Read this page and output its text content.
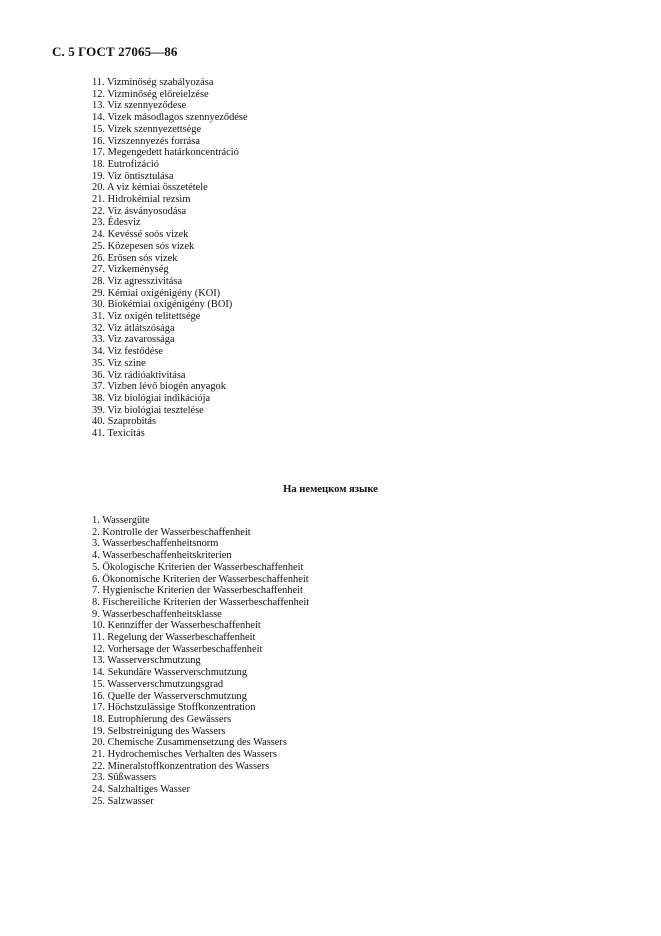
С. 5 ГОСТ 27065—86
11. Vizminőség szabályozása
12. Vizminőség előreielzése
13. Viz szennyeződese
14. Vizek másodlagos szennyeződése
15. Vizek szennyezettsége
16. Vizszennyezés forrása
17. Megengedett határkoncentráció
18. Eutrofizáció
19. Viz öntisztulása
20. A viz kémiai összetétele
21. Hidrokémial rezsim
22. Viz ásványosodása
23. Édesviz
24. Kevéssé soós vizek
25. Közepesen sós vizek
26. Erősen sós vizek
27. Vizkeménység
28. Viz agresszivitása
29. Kémiai oxigénigény (KOI)
30. Biokémiai oxigénigény (BOI)
31. Viz oxigén telitettsége
32. Viz átlátszósága
33. Viz zavarossága
34. Viz festődése
35. Viz szine
36. Viz rádióaktivitása
37. Vizben lévő biogén anyagok
38. Viz biológiai indikációja
39. Viz biológiai tesztelése
40. Szaprobitás
41. Texicitás
На немецком языке
1. Wassergüte
2. Kontrolle der Wasserbeschaffenheit
3. Wasserbeschaffenheitsnorm
4. Wasserbeschaffenheitskriterien
5. Ökologische Kriterien der Wasserbeschaffenheit
6. Ökonomische Kriterien der Wasserbeschaffenheit
7. Hygienische Kriterien der Wasserbeschaffenheit
8. Fischereiliche Kriterien der Wasserbeschaffenheit
9. Wasserbeschaffenheitsklasse
10. Kennziffer der Wasserbeschaffenheit
11. Regelung der Wasserbeschaffenheit
12. Vorhersage der Wasserbeschaffenheit
13. Wasserverschmutzung
14. Sekundäre Wasserverschmutzung
15. Wasserverschmutzungsgrad
16. Quelle der Wasserverschmutzung
17. Höchstzulässige Stoffkonzentration
18. Eutrophierung des Gewässers
19. Selbstreinigung des Wassers
20. Chemische Zusammensetzung des Wassers
21. Hydrochemisches Verhalten des Wassers
22. Mineralstoffkonzentration des Wassers
23. Süßwassers
24. Salzhaltiges Wasser
25. Salzwasser
